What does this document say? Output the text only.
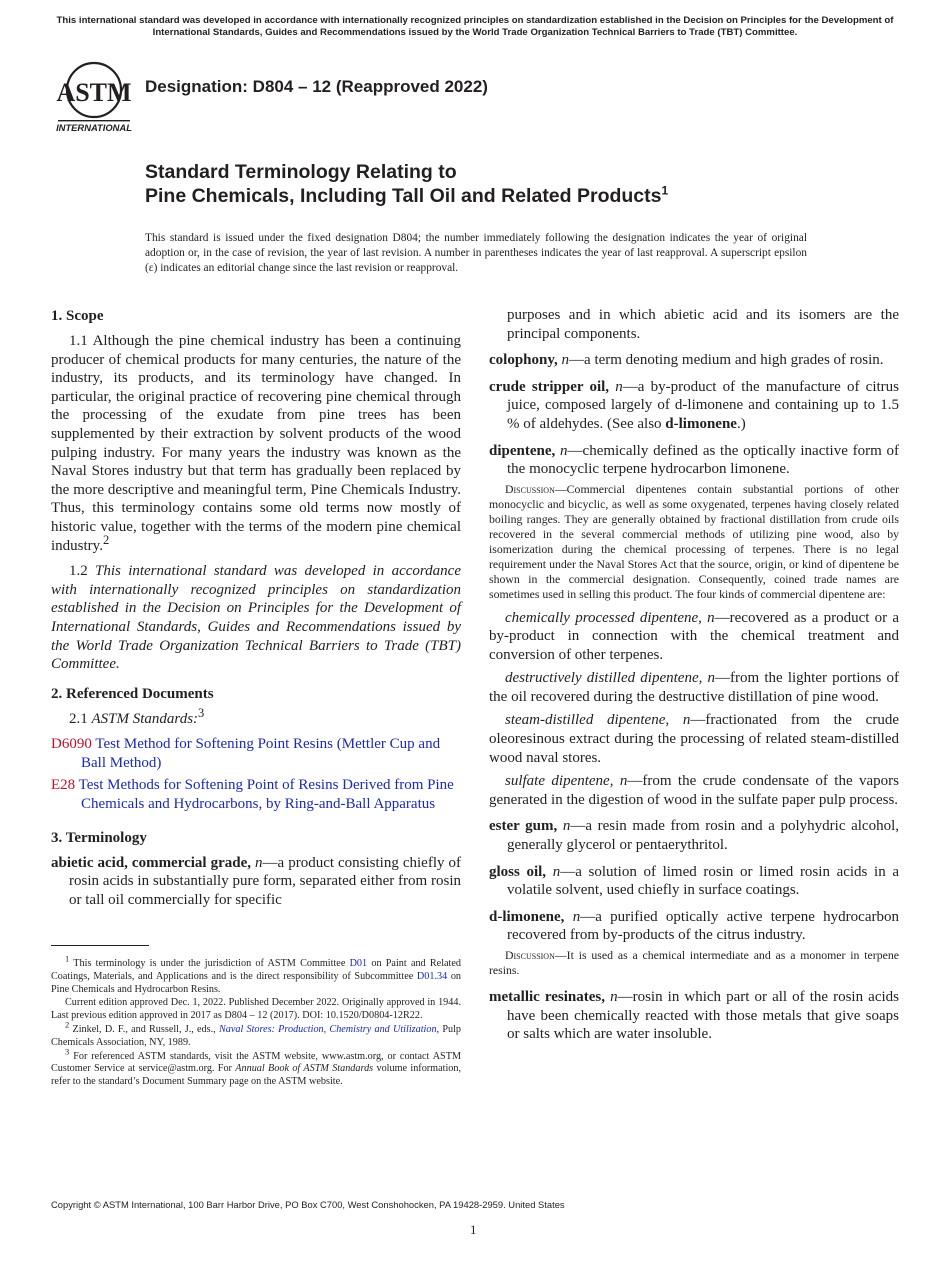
This international standard was developed in accordance with internationally recognized principles on standardization established in the Decision on Principles for the Development of International Standards, Guides and Recommendations issued by the World Trade Organization Technical Barriers to Trade (TBT) Committee.
ASTM
INTERNATIONAL
Designation: D804 – 12 (Reapproved 2022)
Standard Terminology Relating to
Pine Chemicals, Including Tall Oil and Related Products$^1$
This standard is issued under the fixed designation D804; the number immediately following the designation indicates the year of original adoption or, in the case of revision, the year of last revision. A number in parentheses indicates the year of last reapproval. A superscript epsilon (ε) indicates an editorial change since the last revision or reapproval.
1. Scope

1.1 Although the pine chemical industry has been a continuing producer of chemical products for many centuries, the nature of the industry, its products, and its terminology have changed. In particular, the original practice of recovering pine chemical through the processing of the exudate from pine trees has been supplemented by their extraction by solvent products of the wood pulping industry. For many years the industry was known as the Naval Stores industry but that term has gradually been replaced by the more descriptive and meaningful term, Pine Chemicals Industry. Thus, this terminology contains some old terms now mostly of historic value, together with the terms of the modern pine chemical industry.$^2$

1.2 This international standard was developed in accordance with internationally recognized principles on standardization established in the Decision on Principles for the Development of International Standards, Guides and Recommendations issued by the World Trade Organization Technical Barriers to Trade (TBT) Committee.

2. Referenced Documents

2.1 ASTM Standards:$^3$

D6090 Test Method for Softening Point Resins (Mettler Cup and Ball Method)

E28 Test Methods for Softening Point of Resins Derived from Pine Chemicals and Hydrocarbons, by Ring-and-Ball Apparatus

3. Terminology

abietic acid, commercial grade, n—a product consisting chiefly of rosin acids in substantially pure form, separated either from rosin or tall oil commercially for specific

$^1$ This terminology is under the jurisdiction of ASTM Committee D01 on Paint and Related Coatings, Materials, and Applications and is the direct responsibility of Subcommittee D01.34 on Pine Chemicals and Hydrocarbon Resins.

Current edition approved Dec. 1, 2022. Published December 2022. Originally approved in 1944. Last previous edition approved in 2017 as D804 – 12 (2017). DOI: 10.1520/D0804-12R22.

$^2$ Zinkel, D. F., and Russell, J., eds., Naval Stores: Production, Chemistry and Utilization, Pulp Chemicals Association, NY, 1989.

$^3$ For referenced ASTM standards, visit the ASTM website, www.astm.org, or contact ASTM Customer Service at service@astm.org. For Annual Book of ASTM Standards volume information, refer to the standard’s Document Summary page on the ASTM website.

purposes and in which abietic acid and its isomers are the principal components.

colophony, n—a term denoting medium and high grades of rosin.

crude stripper oil, n—a by-product of the manufacture of citrus juice, composed largely of d-limonene and containing up to 1.5 % of aldehydes. (See also d-limonene.)

dipentene, n—chemically defined as the optically inactive form of the monocyclic terpene hydrocarbon limonene.

Discussion—Commercial dipentenes contain substantial portions of other monocyclic and bicyclic, as well as some oxygenated, terpenes having closely related boiling ranges. They are generally obtained by fractional distillation from crude oils recovered in the several commercial methods of utilizing pine wood, also by isomerization during the chemical processing of terpenes. There is no legal requirement under the Naval Stores Act that the source, origin, or kind of dipentene be shown in the commercial designation. Consequently, coined trade names are sometimes used in selling this product. The four kinds of commercial dipentene are:

chemically processed dipentene, n—recovered as a product or a by-product in connection with the chemical treatment and conversion of other terpenes.

destructively distilled dipentene, n—from the lighter portions of the oil recovered during the destructive distillation of pine wood.

steam-distilled dipentene, n—fractionated from the crude oleoresinous extract during the processing of related steam-distilled wood naval stores.

sulfate dipentene, n—from the crude condensate of the vapors generated in the digestion of wood in the sulfate paper pulp process.

ester gum, n—a resin made from rosin and a polyhydric alcohol, generally glycerol or pentaerythritol.

gloss oil, n—a solution of limed rosin or limed rosin acids in a volatile solvent, used chiefly in surface coatings.

d-limonene, n—a purified optically active terpene hydrocarbon recovered from by-products of the citrus industry.

Discussion—It is used as a chemical intermediate and as a monomer in terpene resins.

metallic resinates, n—rosin in which part or all of the rosin acids have been chemically reacted with those metals that give soaps or salts which are water insoluble.

Copyright © ASTM International, 100 Barr Harbor Drive, PO Box C700, West Conshohocken, PA 19428-2959. United States
1
